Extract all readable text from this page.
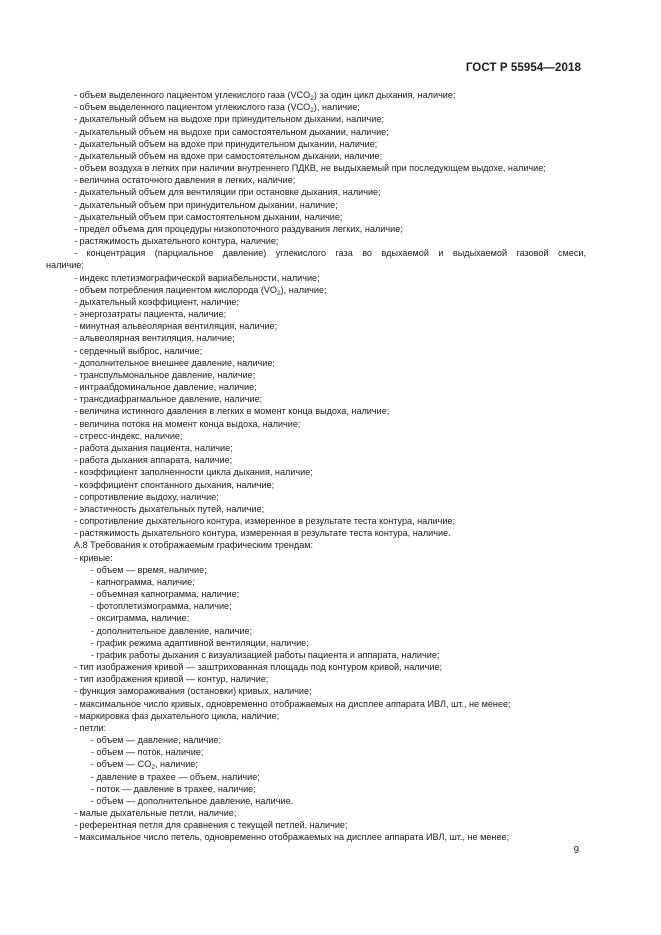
ГОСТ Р 55954—2018
- объем выделенного пациентом углекислого газа $(VCO_2)$ за один цикл дыхания, наличие;
- объем выделенного пациентом углекислого газа $(VCO_2)$, наличие;
- дыхательный объем на выдохе при принудительном дыхании, наличие;
- дыхательный объем на выдохе при самостоятельном дыхании, наличие;
- дыхательный объем на вдохе при принудительном дыхании, наличие;
- дыхательный объем на вдохе при самостоятельном дыхании, наличие;
- объем воздуха в легких при наличии внутреннего ПДКВ, не выдыхаемый при последующем выдохе, наличие;
- величина остаточного давления в легких, наличие;
- дыхательный объем для вентиляции при остановке дыхания, наличие;
- дыхательный объем при принудительном дыхании, наличие;
- дыхательный объем при самостоятельном дыхании, наличие;
- предел объема для процедуры низкопоточного раздувания легких, наличие;
- растяжимость дыхательного контура, наличие;
- концентрация (парциальное давление) углекислого газа во вдыхаемой и выдыхаемой газовой смеси,
наличие;
- индекс плетизмографической вариабельности, наличие;
- объем потребления пациентом кислорода $(VO_2)$, наличие;
- дыхательный коэффициент, наличие;
- энергозатраты пациента, наличие;
- минутная альвеолярная вентиляция, наличие;
- альвеолярная вентиляция, наличие;
- сердечный выброс, наличие;
- дополнительное внешнее давление, наличие;
- транспульмональное давление, наличие;
- интраабдоминальное давление, наличие;
- трансдиафрагмальное давление, наличие;
- величина истинного давления в легких в момент конца выдоха, наличие;
- величина потока на момент конца выдоха, наличие;
- стресс-индекс, наличие;
- работа дыхания пациента, наличие;
- работа дыхания аппарата, наличие;
- коэффициент заполненности цикла дыхания, наличие;
- коэффициент спонтанного дыхания, наличие;
- сопротивление выдоху, наличие;
- эластичность дыхательных путей, наличие;
- сопротивление дыхательного контура, измеренное в результате теста контура, наличие;
- растяжимость дыхательного контура, измеренная в результате теста контура, наличие.
А.8 Требования к отображаемым графическим трендам:
- кривые:
- объем — время, наличие;
- капнограмма, наличие;
- объемная капнограмма, наличие;
- фотоплетизмограмма, наличие;
- оксиграмма, наличие;
- дополнительное давление, наличие;
- график режима адаптивной вентиляции, наличие;
- график работы дыхания с визуализацией работы пациента и аппарата, наличие;
- тип изображения кривой — заштрихованная площадь под контуром кривой, наличие;
- тип изображения кривой — контур, наличие;
- функция замораживания (остановки) кривых, наличие;
- максимальное число кривых, одновременно отображаемых на дисплее аппарата ИВЛ, шт., не менее;
- маркировка фаз дыхательного цикла, наличие;
- петли:
- объем — давление, наличие;
- объем — поток, наличие;
- объем — $CO_2$, наличие;
- давление в трахее — объем, наличие;
- поток — давление в трахее, наличие;
- объем — дополнительное давление, наличие.
- малые дыхательные петли, наличие;
- референтная петля для сравнения с текущей петлей, наличие;
- максимальное число петель, одновременно отображаемых на дисплее аппарата ИВЛ, шт., не менее;
9
